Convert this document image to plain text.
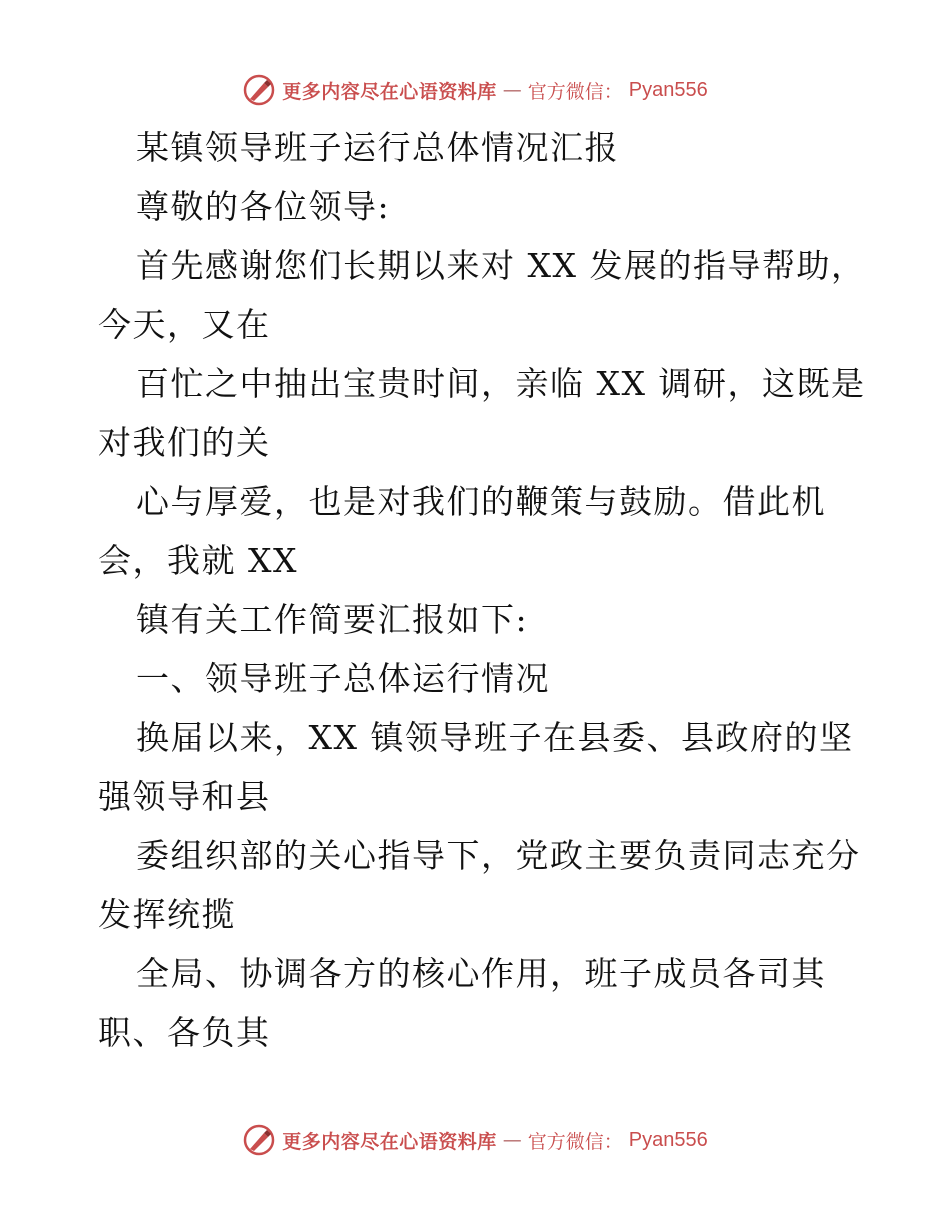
更多内容尽在心语资料库 — 官方微信： Pyan556
某镇领导班子运行总体情况汇报
尊敬的各位领导:
首先感谢您们长期以来对 XX 发展的指导帮助，
今天，又在
百忙之中抽出宝贵时间，亲临 XX 调研，这既是
对我们的关
心与厚爱，也是对我们的鞭策与鼓励。借此机
会，我就 XX
镇有关工作简要汇报如下:
一、领导班子总体运行情况
换届以来，XX 镇领导班子在县委、县政府的坚
强领导和县
委组织部的关心指导下，党政主要负责同志充分
发挥统揽
全局、协调各方的核心作用，班子成员各司其
职、各负其
更多内容尽在心语资料库 — 官方微信： Pyan556
